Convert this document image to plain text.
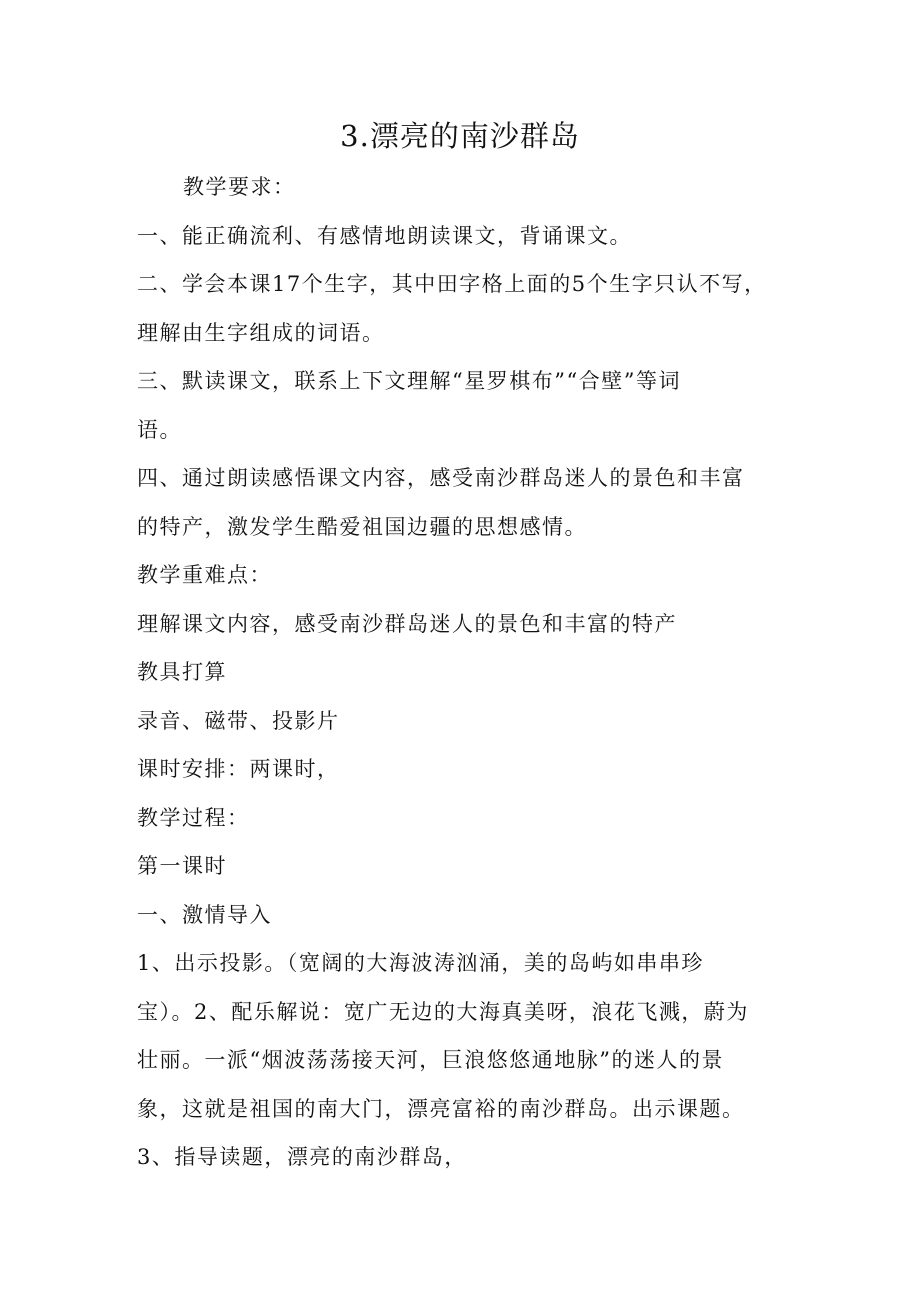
3.漂亮的南沙群岛
教学要求：
一、能正确流利、有感情地朗读课文，背诵课文。
二、学会本课17个生字，其中田字格上面的5个生字只认不写，
理解由生字组成的词语。
三、默读课文，联系上下文理解“星罗棋布”“合壁”等词
语。
四、通过朗读感悟课文内容，感受南沙群岛迷人的景色和丰富
的特产，激发学生酷爱祖国边疆的思想感情。
教学重难点：
理解课文内容，感受南沙群岛迷人的景色和丰富的特产
教具打算
录音、磁带、投影片
课时安排：两课时，
教学过程：
第一课时
一、激情导入
1、出示投影。（宽阔的大海波涛汹涌，美的岛屿如串串珍
宝）。2、配乐解说：宽广无边的大海真美呀，浪花飞溅，蔚为
壮丽。一派“烟波荡荡接天河，巨浪悠悠通地脉”的迷人的景
象，这就是祖国的南大门，漂亮富裕的南沙群岛。出示课题。
3、指导读题，漂亮的南沙群岛，
